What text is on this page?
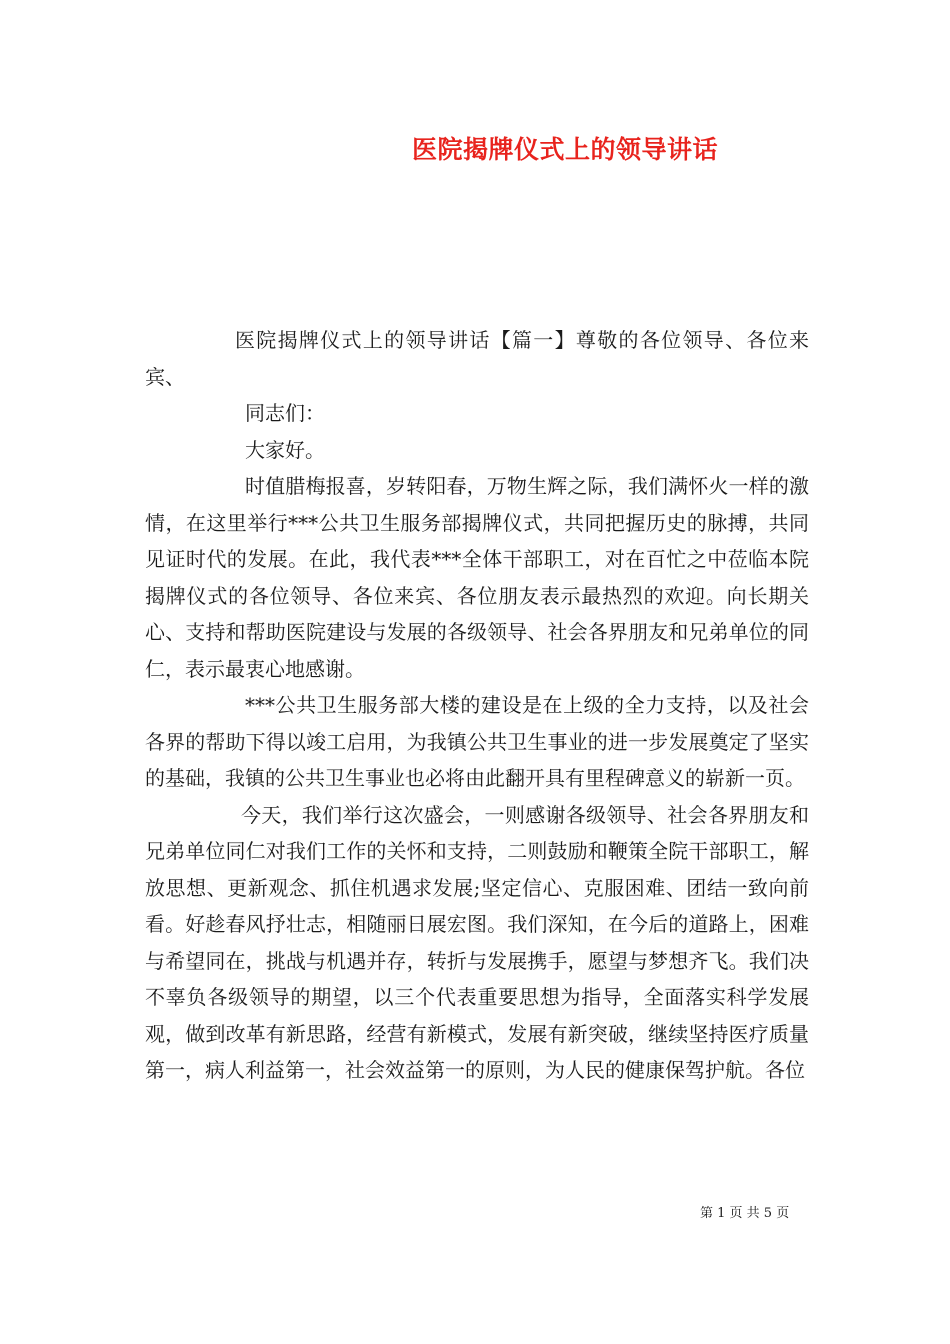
医院揭牌仪式上的领导讲话

医院揭牌仪式上的领导讲话【篇一】尊敬的各位领导、各位来宾、

同志们：

大家好。

时值腊梅报喜，岁转阳春，万物生辉之际，我们满怀火一样的激情，在这里举行***公共卫生服务部揭牌仪式，共同把握历史的脉搏，共同见证时代的发展。在此，我代表***全体干部职工，对在百忙之中莅临本院揭牌仪式的各位领导、各位来宾、各位朋友表示最热烈的欢迎。向长期关心、支持和帮助医院建设与发展的各级领导、社会各界朋友和兄弟单位的同仁，表示最衷心地感谢。

***公共卫生服务部大楼的建设是在上级的全力支持，以及社会各界的帮助下得以竣工启用，为我镇公共卫生事业的进一步发展奠定了坚实的基础，我镇的公共卫生事业也必将由此翻开具有里程碑意义的崭新一页。

今天，我们举行这次盛会，一则感谢各级领导、社会各界朋友和兄弟单位同仁对我们工作的关怀和支持，二则鼓励和鞭策全院干部职工，解放思想、更新观念、抓住机遇求发展;坚定信心、克服困难、团结一致向前看。好趁春风抒壮志，相随丽日展宏图。我们深知，在今后的道路上，困难与希望同在，挑战与机遇并存，转折与发展携手，愿望与梦想齐飞。我们决不辜负各级领导的期望，以三个代表重要思想为指导，全面落实科学发展观，做到改革有新思路，经营有新模式，发展有新突破，继续坚持医疗质量第一，病人利益第一，社会效益第一的原则，为人民的健康保驾护航。各位

第 1 页 共 5 页
